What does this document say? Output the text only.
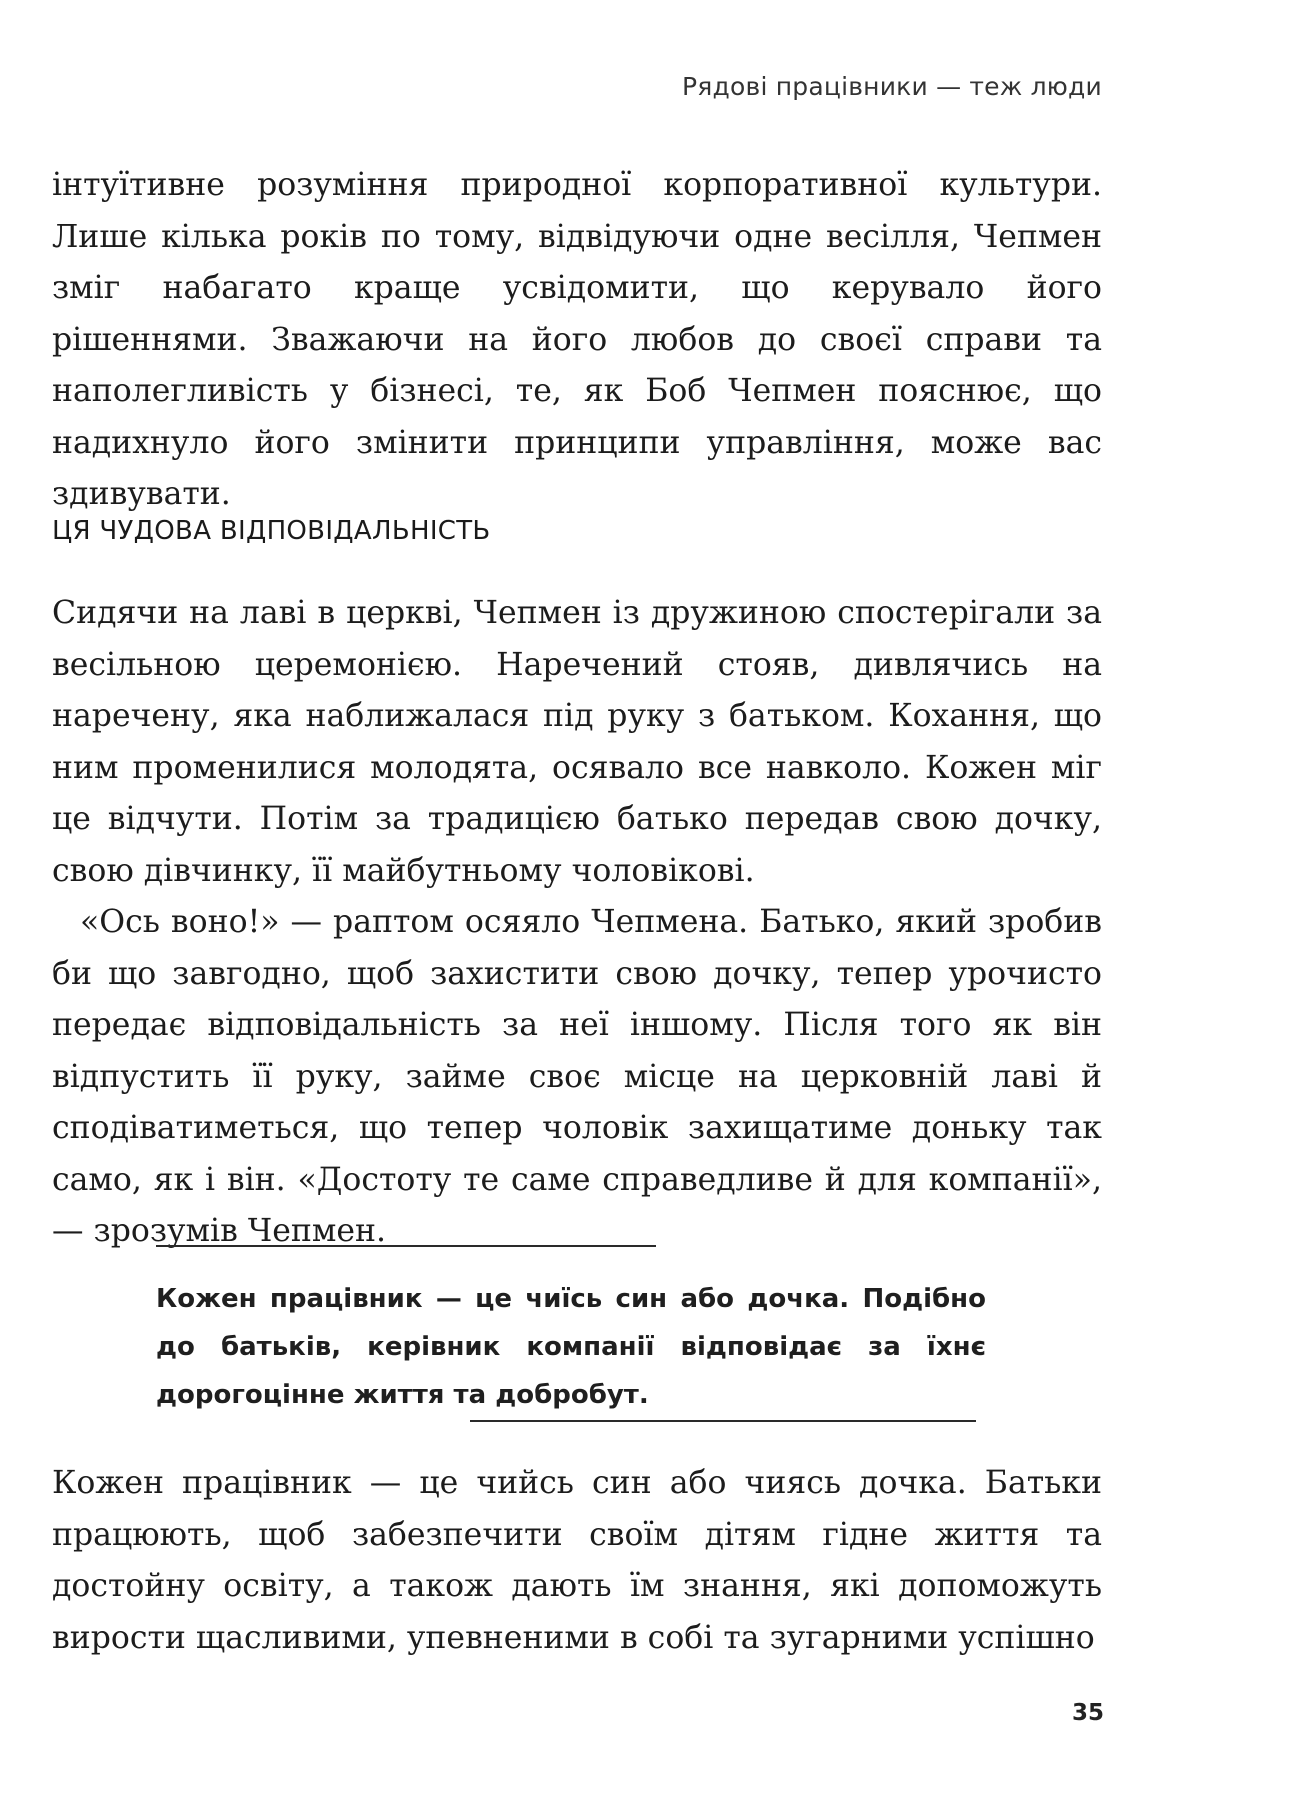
Рядові працівники — теж люди

інтуїтивне розуміння природної корпоративної культури. Лише кілька років по тому, відвідуючи одне весілля, Чепмен зміг набагато краще усвідомити, що керувало його рішеннями. Зважаючи на його любов до своєї справи та наполегливість у бізнесі, те, як Боб Чепмен пояснює, що надихнуло його змінити принципи управління, може вас здивувати.

ЦЯ ЧУДОВА ВІДПОВІДАЛЬНІСТЬ

Сидячи на лаві в церкві, Чепмен із дружиною спостерігали за весільною церемонією. Наречений стояв, дивлячись на наречену, яка наближалася під руку з батьком. Кохання, що ним променилися молодята, осявало все навколо. Кожен міг це відчути. Потім за традицією батько передав свою дочку, свою дівчинку, її майбутньому чоловікові.

«Ось воно!» — раптом осяяло Чепмена. Батько, який зробив би що завгодно, щоб захистити свою дочку, тепер урочисто передає відповідальність за неї іншому. Після того як він відпустить її руку, займе своє місце на церковній лаві й сподіватиметься, що тепер чоловік захищатиме доньку так само, як і він. «Достоту те саме справедливе й для компанії», — зрозумів Чепмен.

Кожен працівник — це чиїсь син або дочка. Подібно до батьків, керівник компанії відповідає за їхнє дорогоцінне життя та добробут.

Кожен працівник — це чийсь син або чиясь дочка. Батьки працюють, щоб забезпечити своїм дітям гідне життя та достойну освіту, а також дають їм знання, які допоможуть вирости щасливими, упевненими в собі та зугарними успішно

35
